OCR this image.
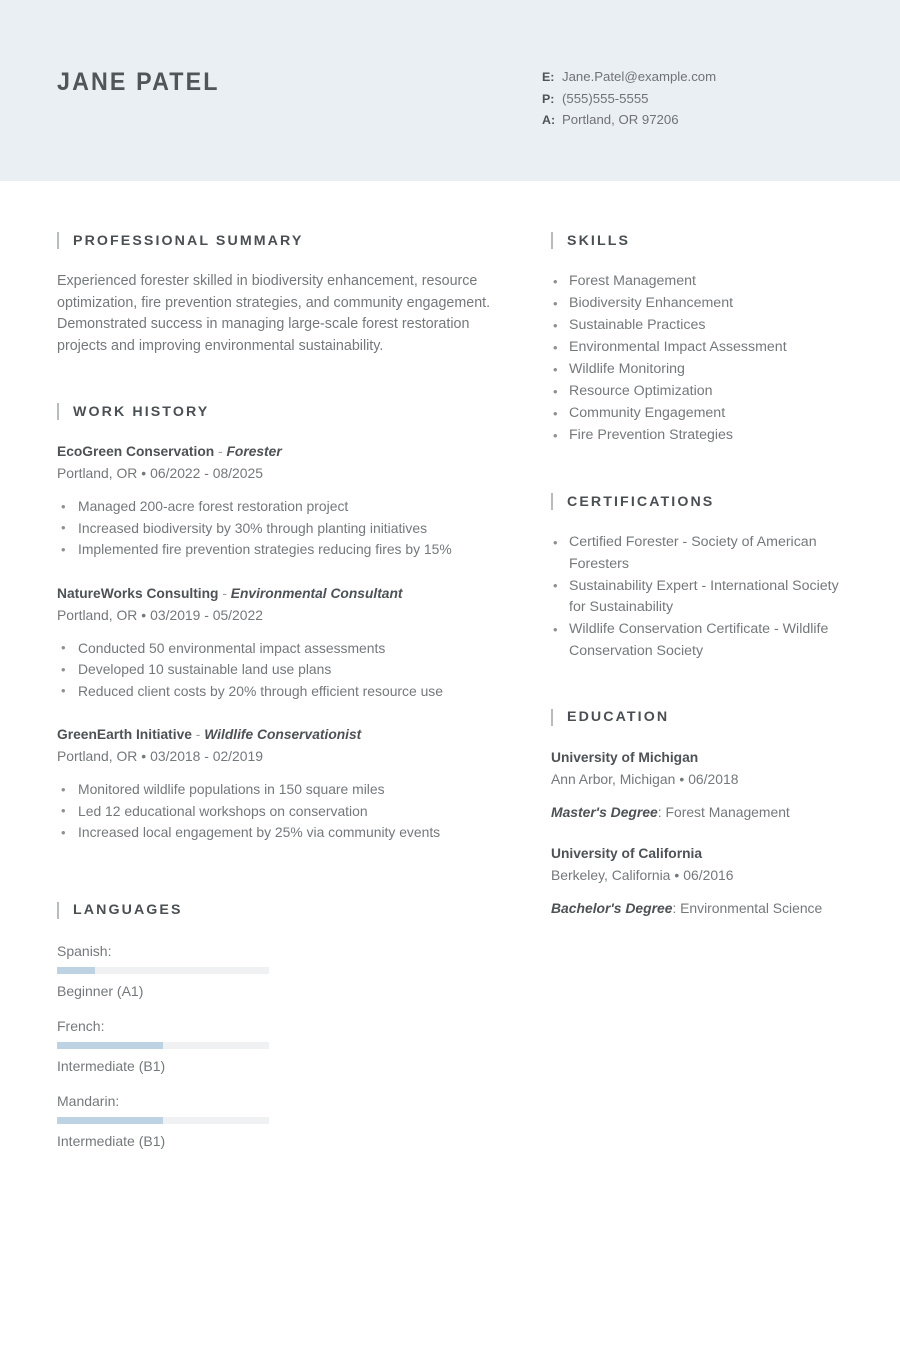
JANE PATEL	E: Jane.Patel@example.com
P: (555)555-5555
A: Portland, OR 97206
PROFESSIONAL SUMMARY
Experienced forester skilled in biodiversity enhancement, resource optimization, fire prevention strategies, and community engagement. Demonstrated success in managing large-scale forest restoration projects and improving environmental sustainability.
WORK HISTORY
EcoGreen Conservation - Forester
Portland, OR • 06/2022 - 08/2025
• Managed 200-acre forest restoration project
• Increased biodiversity by 30% through planting initiatives
• Implemented fire prevention strategies reducing fires by 15%
NatureWorks Consulting - Environmental Consultant
Portland, OR • 03/2019 - 05/2022
• Conducted 50 environmental impact assessments
• Developed 10 sustainable land use plans
• Reduced client costs by 20% through efficient resource use
GreenEarth Initiative - Wildlife Conservationist
Portland, OR • 03/2018 - 02/2019
• Monitored wildlife populations in 150 square miles
• Led 12 educational workshops on conservation
• Increased local engagement by 25% via community events
LANGUAGES
Spanish:
Beginner (A1)
French:
Intermediate (B1)
Mandarin:
Intermediate (B1)
SKILLS
• Forest Management
• Biodiversity Enhancement
• Sustainable Practices
• Environmental Impact Assessment
• Wildlife Monitoring
• Resource Optimization
• Community Engagement
• Fire Prevention Strategies
CERTIFICATIONS
• Certified Forester - Society of American Foresters
• Sustainability Expert - International Society for Sustainability
• Wildlife Conservation Certificate - Wildlife Conservation Society
EDUCATION
University of Michigan
Ann Arbor, Michigan • 06/2018
Master's Degree: Forest Management
University of California
Berkeley, California • 06/2016
Bachelor's Degree: Environmental Science
